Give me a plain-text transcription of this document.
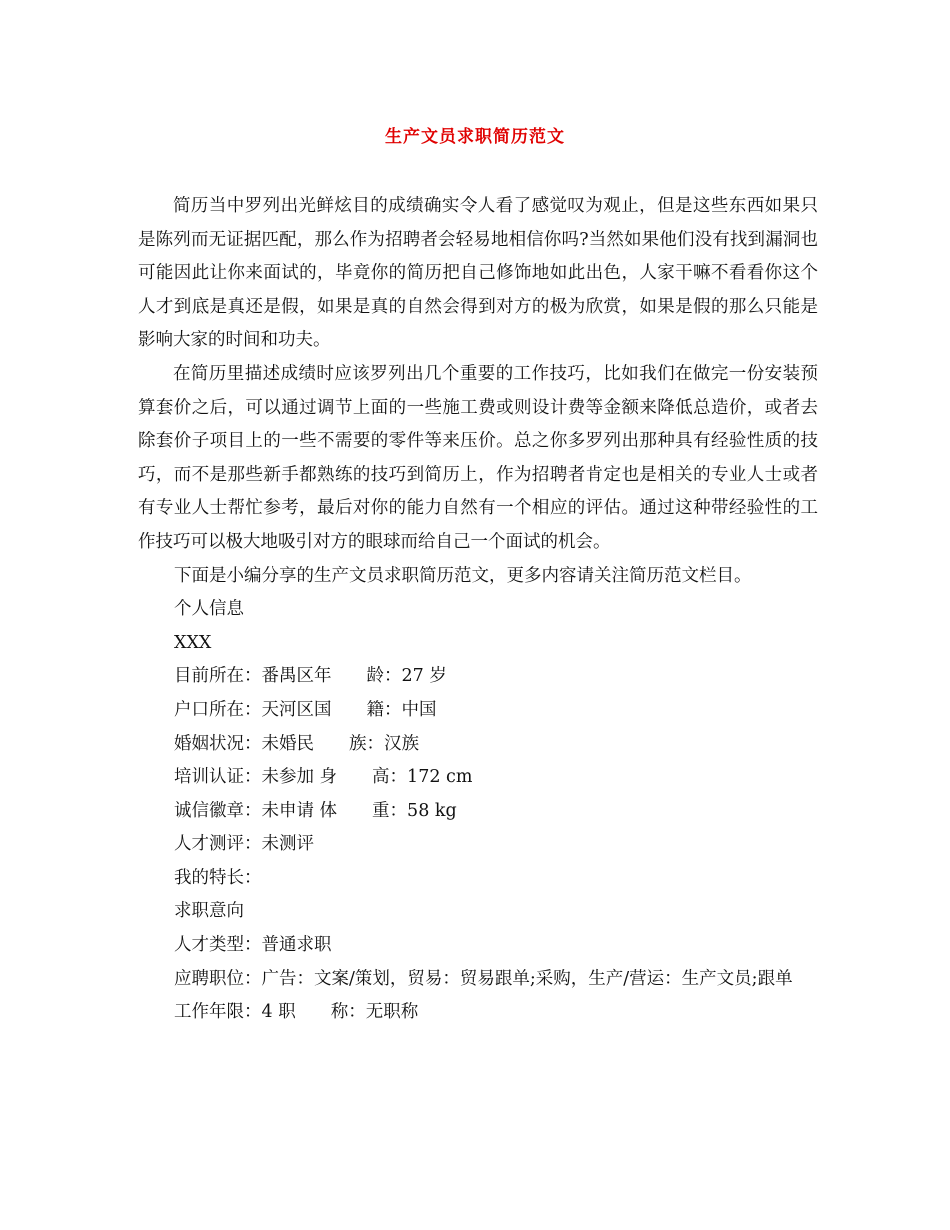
生产文员求职简历范文

简历当中罗列出光鲜炫目的成绩确实令人看了感觉叹为观止，但是这些东西如果只是陈列而无证据匹配，那么作为招聘者会轻易地相信你吗?当然如果他们没有找到漏洞也可能因此让你来面试的，毕竟你的简历把自己修饰地如此出色，人家干嘛不看看你这个人才到底是真还是假，如果是真的自然会得到对方的极为欣赏，如果是假的那么只能是影响大家的时间和功夫。

在简历里描述成绩时应该罗列出几个重要的工作技巧，比如我们在做完一份安装预算套价之后，可以通过调节上面的一些施工费或则设计费等金额来降低总造价，或者去除套价子项目上的一些不需要的零件等来压价。总之你多罗列出那种具有经验性质的技巧，而不是那些新手都熟练的技巧到简历上，作为招聘者肯定也是相关的专业人士或者有专业人士帮忙参考，最后对你的能力自然有一个相应的评估。通过这种带经验性的工作技巧可以极大地吸引对方的眼球而给自己一个面试的机会。

下面是小编分享的生产文员求职简历范文，更多内容请关注简历范文栏目。
个人信息
XXX
目前所在：番禺区年　　龄：27 岁
户口所在：天河区国　　籍：中国
婚姻状况：未婚民　　族：汉族
培训认证：未参加 身　　高：172 cm
诚信徽章：未申请 体　　重：58 kg
人才测评：未测评
我的特长：
求职意向
人才类型：普通求职
应聘职位：广告：文案/策划，贸易：贸易跟单;采购，生产/营运：生产文员;跟单
工作年限：4 职　　称：无职称
